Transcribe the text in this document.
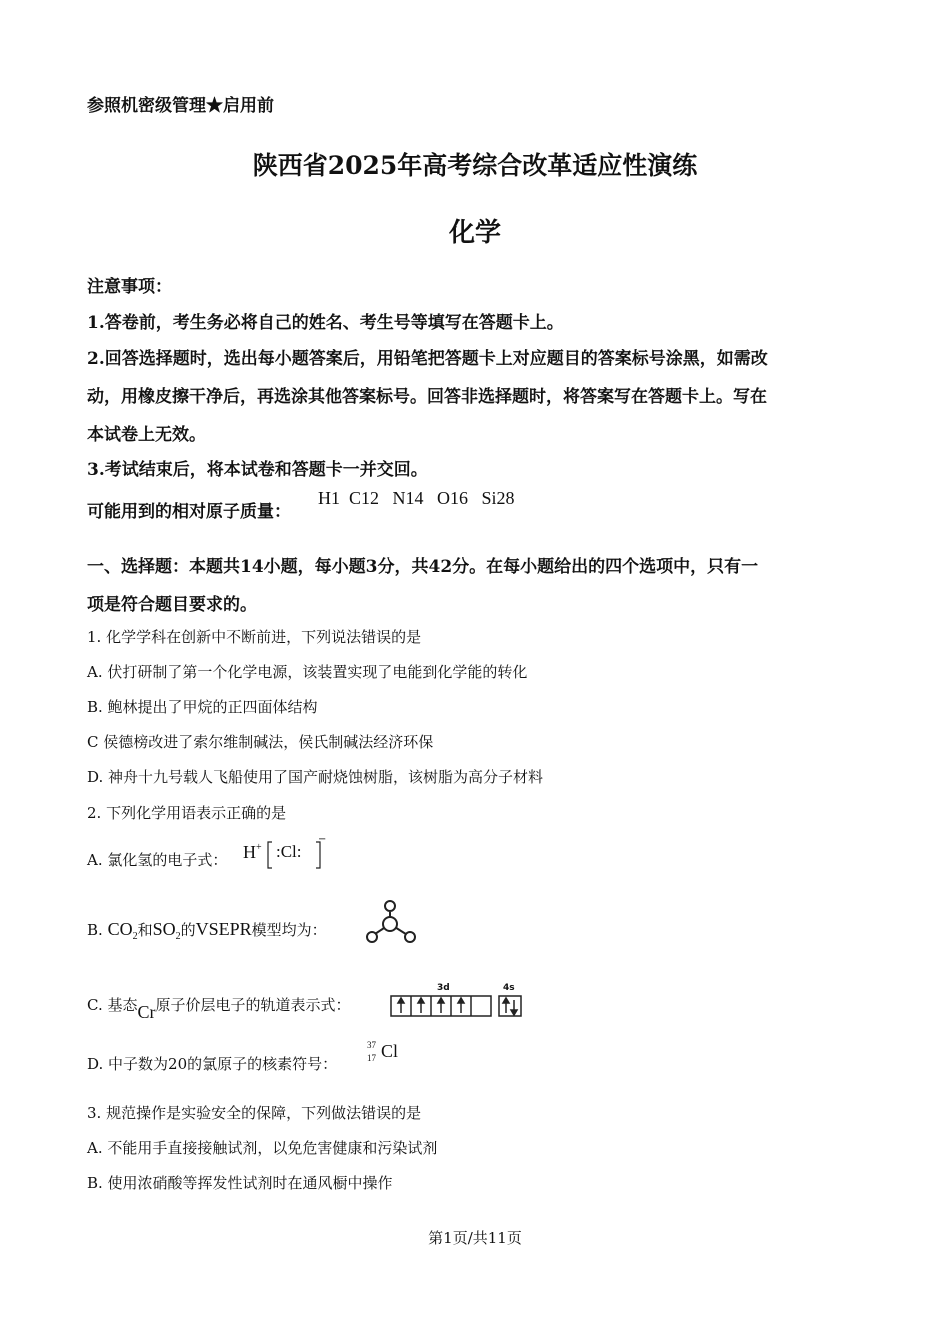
参照机密级管理★启用前
陕西省2025年高考综合改革适应性演练
化学
注意事项：
1.答卷前，考生务必将自己的姓名、考生号等填写在答题卡上。
2.回答选择题时，选出每小题答案后，用铅笔把答题卡上对应题目的答案标号涂黑，如需改
动，用橡皮擦干净后，再选涂其他答案标号。回答非选择题时，将答案写在答题卡上。写在
本试卷上无效。
3.考试结束后，将本试卷和答题卡一并交回。
可能用到的相对原子质量：
H1  C12   N14   O16   Si28
一、选择题：本题共14小题，每小题3分，共42分。在每小题给出的四个选项中，只有一
项是符合题目要求的。
1. 化学学科在创新中不断前进，下列说法错误的是
A. 伏打研制了第一个化学电源，该装置实现了电能到化学能的转化
B. 鲍林提出了甲烷的正四面体结构
C 侯德榜改进了索尔维制碱法，侯氏制碱法经济环保
D. 神舟十九号载人飞船使用了国产耐烧蚀树脂，该树脂为高分子材料
2. 下列化学用语表示正确的是
A. 氯化氢的电子式： H+ :Cl:
−
B. $CO_2$和$SO_2$的VSEPR模型均为：
C. 基态Cr原子价层电子的轨道表示式：
3d	4s
D. 中子数为20的氯原子的核素符号：
37
17 Cl
3. 规范操作是实验安全的保障，下列做法错误的是
A. 不能用手直接接触试剂，以免危害健康和污染试剂
B. 使用浓硝酸等挥发性试剂时在通风橱中操作
第1页/共11页
